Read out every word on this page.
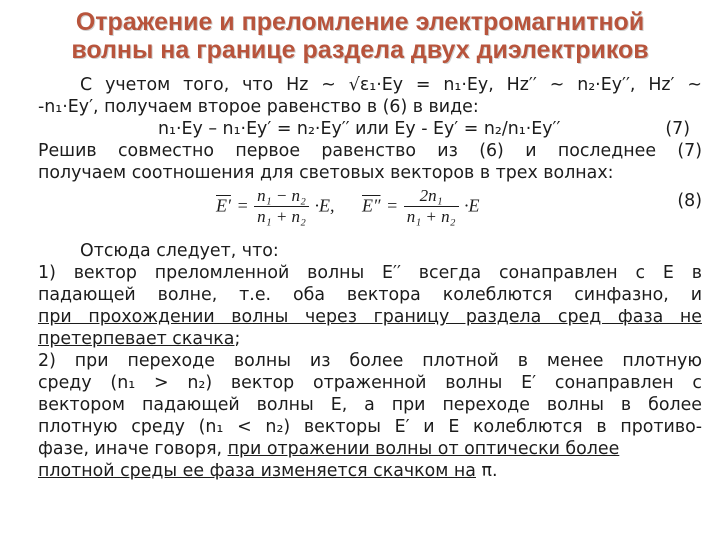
Отражение и преломление электромагнитной
волны на границе раздела двух диэлектриков
С учетом того, что Hz ~ √ε₁·Ey = n₁·Ey, Hz′′ ~ n₂·Ey′′, Hz′ ~
-n₁·Ey′, получаем второе равенство в (6) в виде:
n₁·Ey – n₁·Ey′ = n₂·Ey′′ или Ey - Ey′ = n₂/n₁·Ey′′	(7)
Решив совместно первое равенство из (6) и последнее (7)
получаем соотношения для световых векторов в трех волнах:
$E' = \frac{\text{n₁ − n₂}}{\text{n₁ + n₂}} \cdot E$, $E'' = \frac{\text{2n₁}}{\text{n₁ + n₂}} \cdot E$	(8)
Отсюда следует, что:
1) вектор преломленной волны E′′ всегда сонаправлен с E в
падающей волне, т.е. оба вектора колеблются синфазно, и
при прохождении волны через границу раздела сред фаза не
претерпевает скачка;
2) при переходе волны из более плотной в менее плотную
среду (n₁ > n₂) вектор отраженной волны E′ сонаправлен с
вектором падающей волны E, а при переходе волны в более
плотную среду (n₁ < n₂) векторы E′ и E колеблются в противо-
фазе, иначе говоря, при отражении волны от оптически более
плотной среды ее фаза изменяется скачком на π.
